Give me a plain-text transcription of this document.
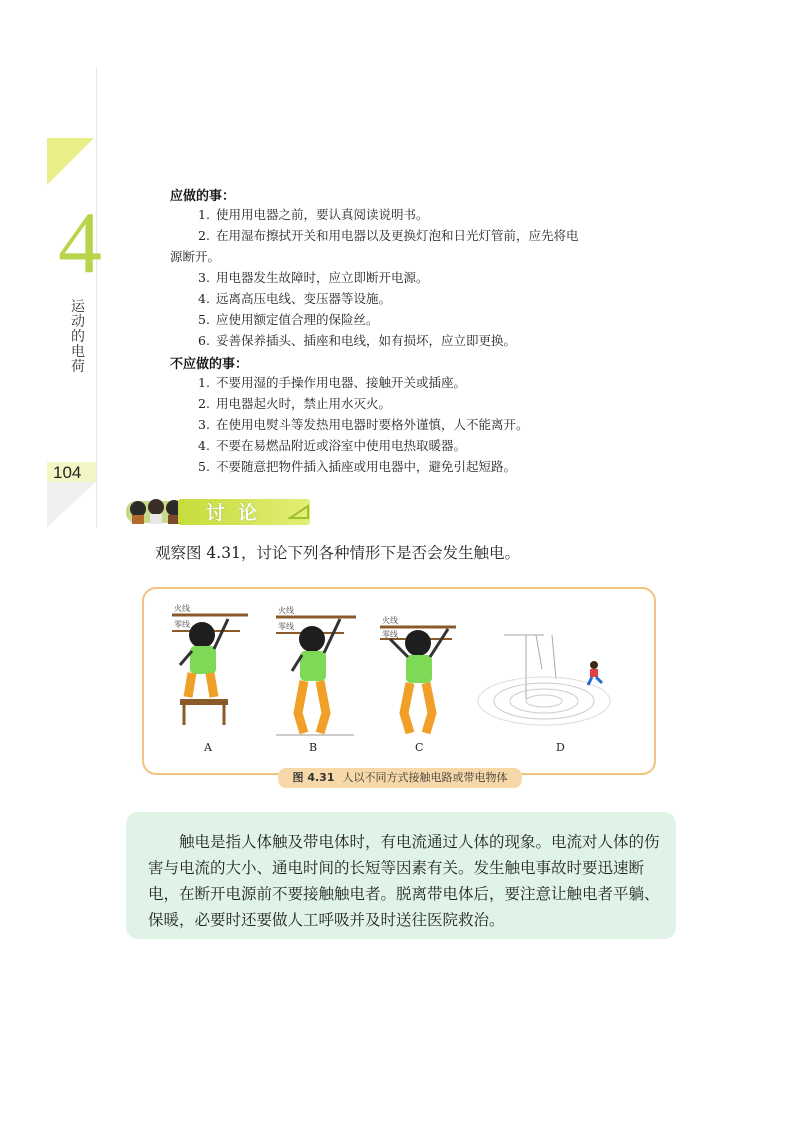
4
运动的电荷
104
应做的事：
1. 使用用电器之前，要认真阅读说明书。
2. 在用湿布擦拭开关和用电器以及更换灯泡和日光灯管前，应先将电
源断开。
3. 用电器发生故障时，应立即断开电源。
4. 远离高压电线、变压器等设施。
5. 应使用额定值合理的保险丝。
6. 妥善保养插头、插座和电线，如有损坏，应立即更换。
不应做的事：
1. 不要用湿的手操作用电器、接触开关或插座。
2. 用电器起火时，禁止用水灭火。
3. 在使用电熨斗等发热用电器时要格外谨慎，人不能离开。
4. 不要在易燃品附近或浴室中使用电热取暖器。
5. 不要随意把物件插入插座或用电器中，避免引起短路。
讨论
观察图 4.31，讨论下列各种情形下是否会发生触电。
火线
零线
火线
零线
火线
零线
A	B	C	D
图 4.31 人以不同方式接触电路或带电物体

触电是指人体触及带电体时，有电流通过人体的现象。电流对人体的伤害与电流的大小、通电时间的长短等因素有关。发生触电事故时要迅速断电，在断开电源前不要接触触电者。脱离带电体后，要注意让触电者平躺、保暖，必要时还要做人工呼吸并及时送往医院救治。
